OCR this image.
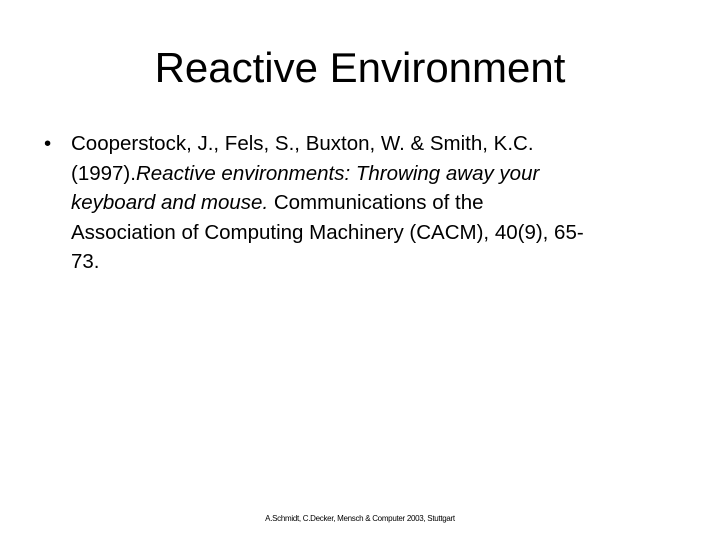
Reactive Environment
• Cooperstock, J., Fels, S., Buxton, W. & Smith, K.C.
(1997).Reactive environments: Throwing away your
keyboard and mouse. Communications of the
Association of Computing Machinery (CACM), 40(9), 65-
73.
A.Schmidt, C.Decker, Mensch & Computer 2003, Stuttgart
